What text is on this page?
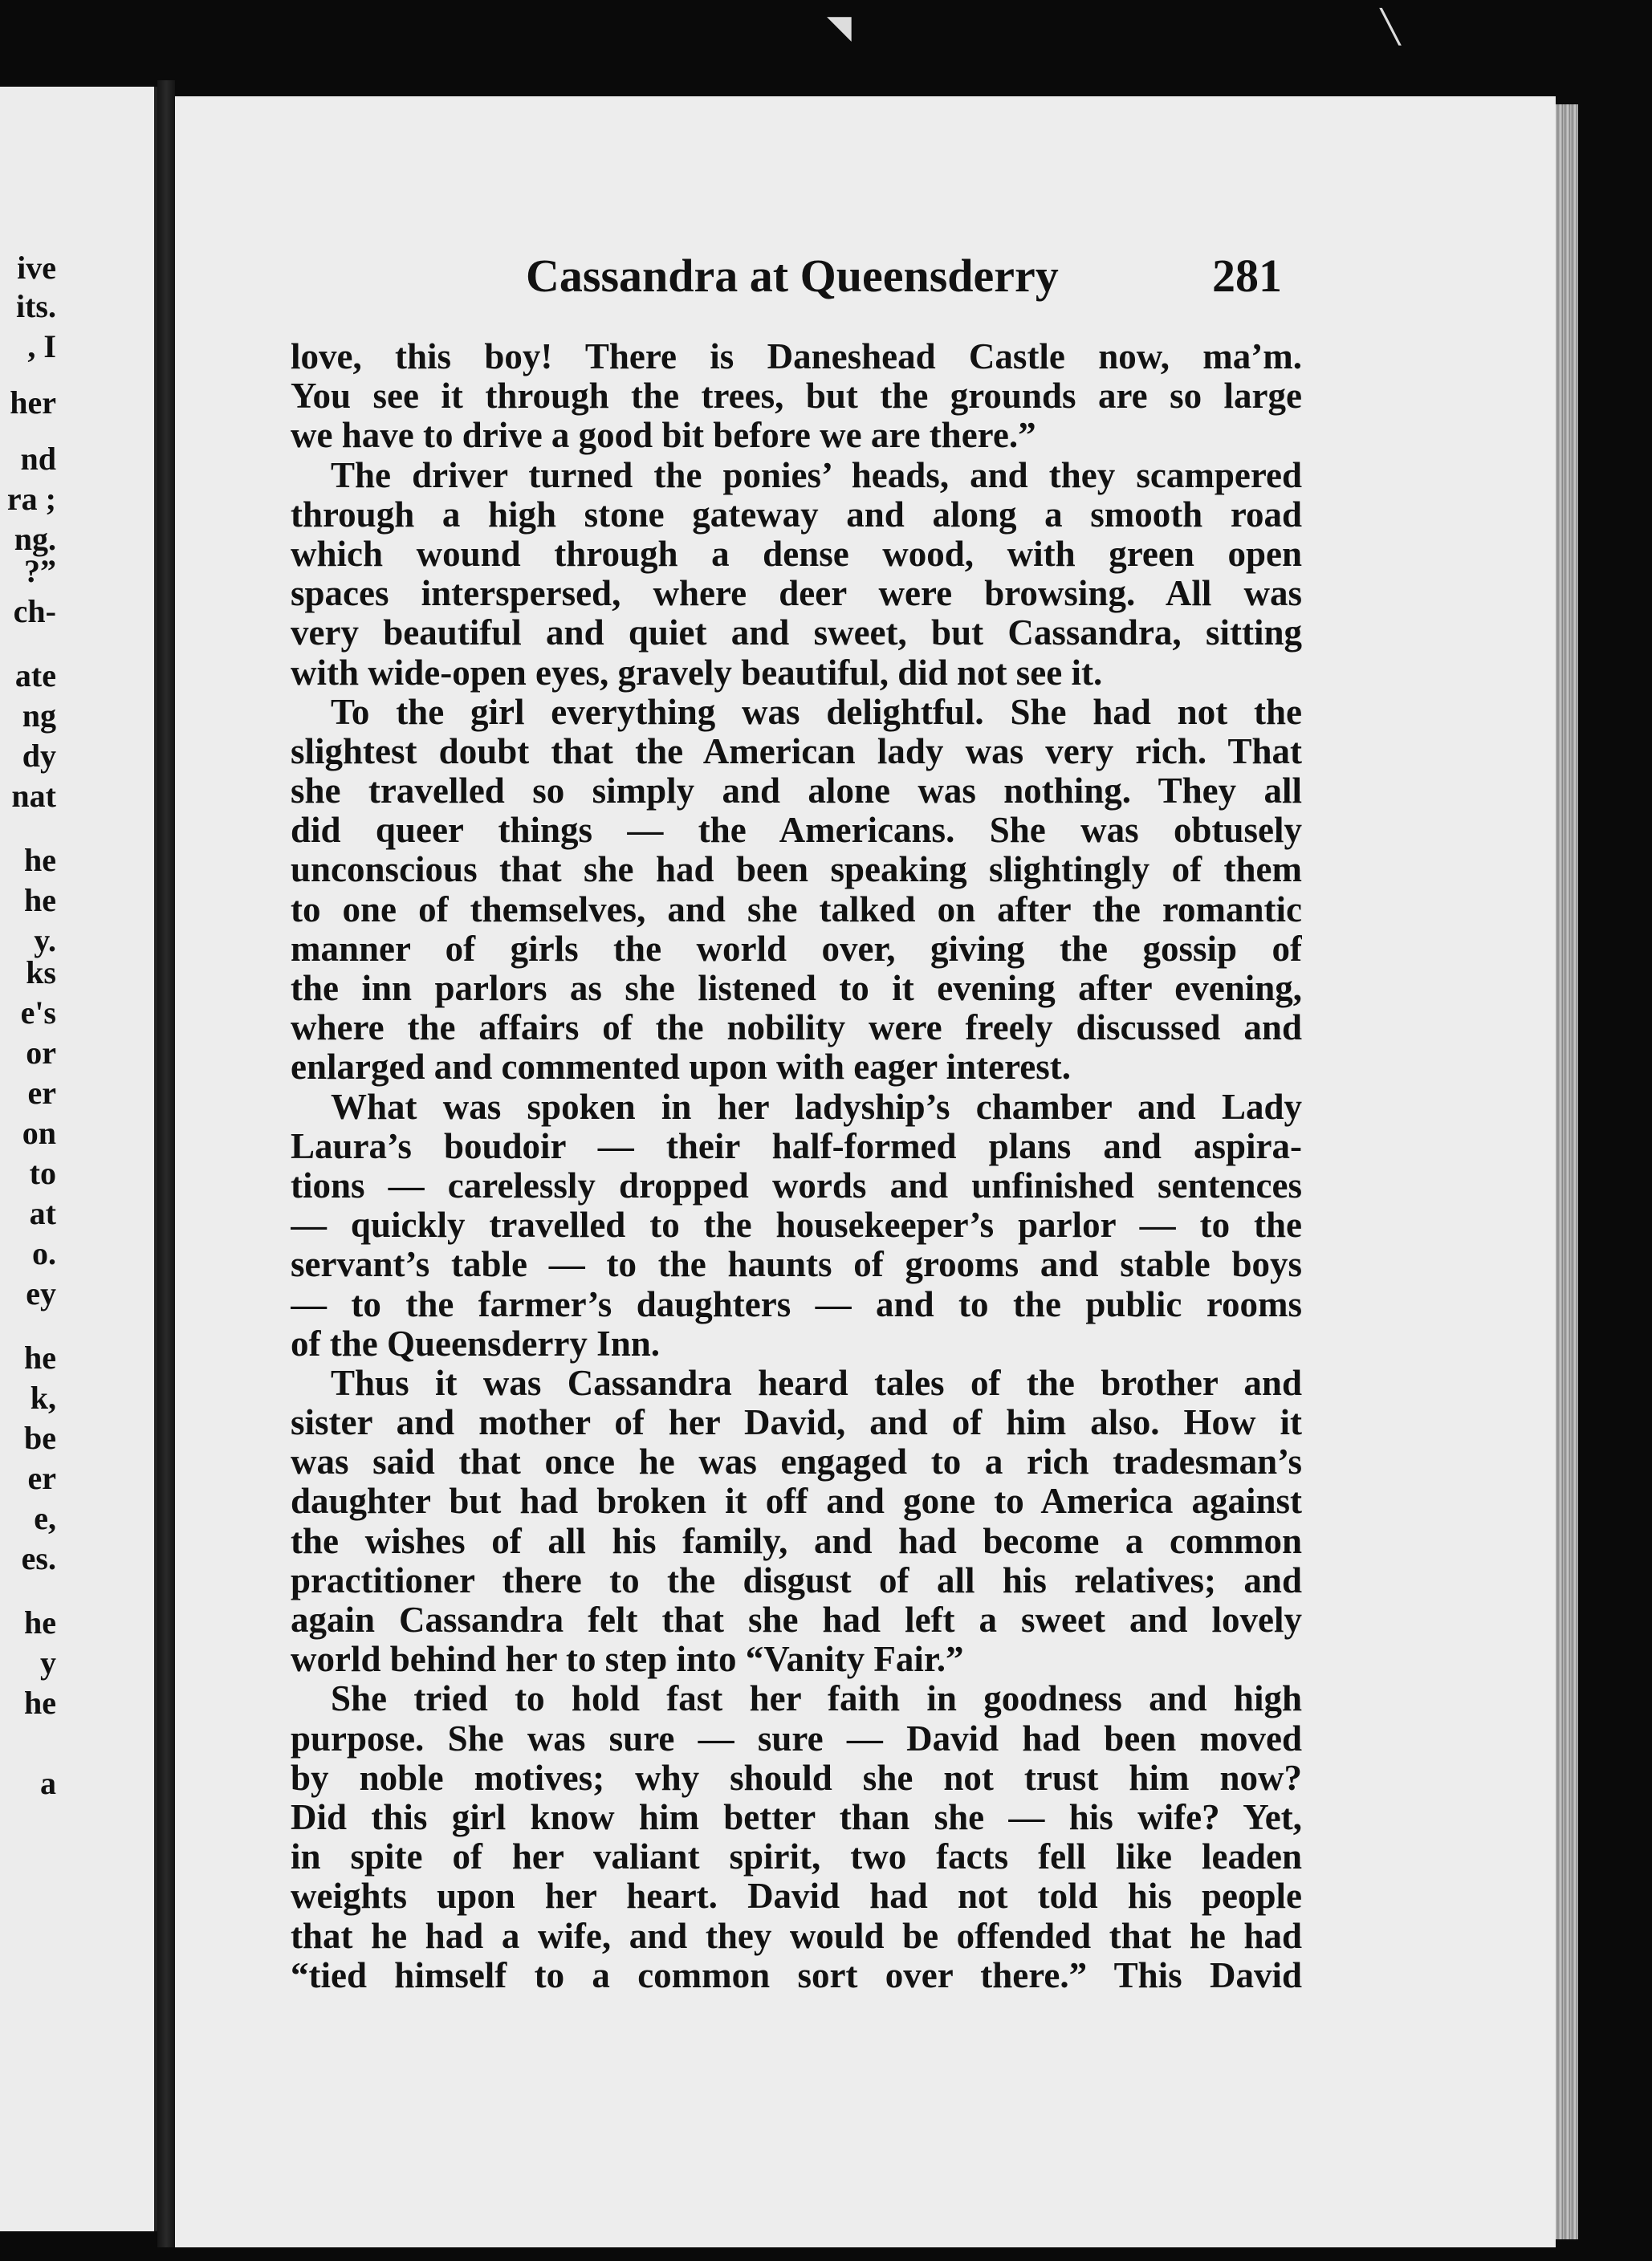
ive
its.
, I
her
nd
ra ;
ng.
?”
ch-
ate
ng
dy
nat
he
he
y.
ks
e's
or
er
on
to
at
o.
ey
he
k,
be
er
e,
es.
he
y
he
a
◥	╲
Cassandra at Queensderry	281
love, this boy! There is Daneshead Castle now, ma’m.
You see it through the trees, but the grounds are so large
we have to drive a good bit before we are there.”
The driver turned the ponies’ heads, and they scampered
through a high stone gateway and along a smooth road
which wound through a dense wood, with green open
spaces interspersed, where deer were browsing. All was
very beautiful and quiet and sweet, but Cassandra, sitting
with wide-open eyes, gravely beautiful, did not see it.
To the girl everything was delightful. She had not the
slightest doubt that the American lady was very rich. That
she travelled so simply and alone was nothing. They all
did queer things — the Americans. She was obtusely
unconscious that she had been speaking slightingly of them
to one of themselves, and she talked on after the romantic
manner of girls the world over, giving the gossip of
the inn parlors as she listened to it evening after evening,
where the affairs of the nobility were freely discussed and
enlarged and commented upon with eager interest.
What was spoken in her ladyship’s chamber and Lady
Laura’s boudoir — their half-formed plans and aspira-
tions — carelessly dropped words and unfinished sentences
— quickly travelled to the housekeeper’s parlor — to the
servant’s table — to the haunts of grooms and stable boys
— to the farmer’s daughters — and to the public rooms
of the Queensderry Inn.
Thus it was Cassandra heard tales of the brother and
sister and mother of her David, and of him also. How it
was said that once he was engaged to a rich tradesman’s
daughter but had broken it off and gone to America against
the wishes of all his family, and had become a common
practitioner there to the disgust of all his relatives; and
again Cassandra felt that she had left a sweet and lovely
world behind her to step into “Vanity Fair.”
She tried to hold fast her faith in goodness and high
purpose. She was sure — sure — David had been moved
by noble motives; why should she not trust him now?
Did this girl know him better than she — his wife? Yet,
in spite of her valiant spirit, two facts fell like leaden
weights upon her heart. David had not told his people
that he had a wife, and they would be offended that he had
“tied himself to a common sort over there.” This David
